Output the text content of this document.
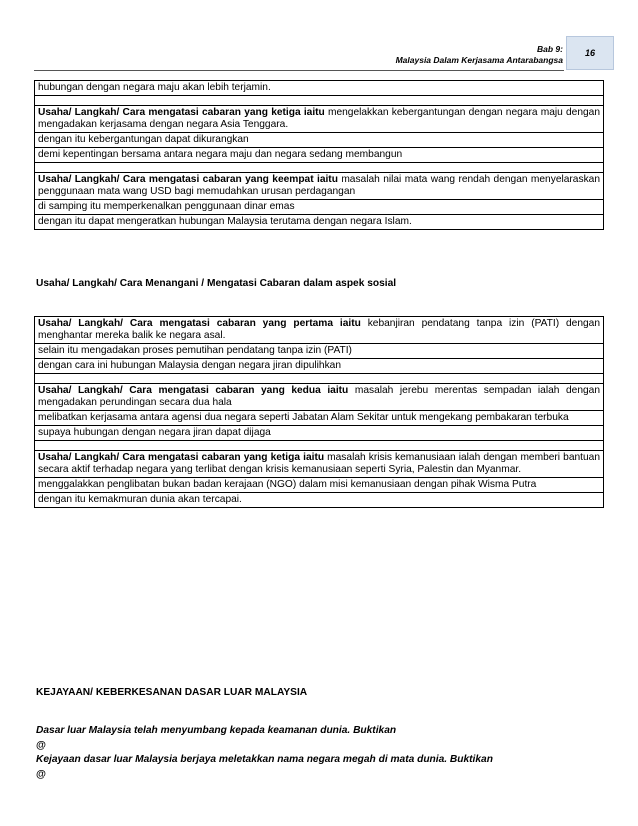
Bab 9:
Malaysia Dalam Kerjasama Antarabangsa
16
hubungan dengan negara maju akan lebih terjamin.

Usaha/ Langkah/ Cara mengatasi cabaran yang ketiga iaitu mengelakkan kebergantungan dengan negara maju dengan mengadakan kerjasama dengan negara Asia Tenggara.
dengan itu kebergantungan dapat dikurangkan
demi kepentingan bersama antara negara maju dan negara sedang membangun

Usaha/ Langkah/ Cara mengatasi cabaran yang keempat iaitu masalah nilai mata wang rendah dengan menyelaraskan penggunaan mata wang USD bagi memudahkan urusan perdagangan
di samping itu memperkenalkan penggunaan dinar emas
dengan itu dapat mengeratkan hubungan Malaysia terutama dengan negara Islam.
Usaha/ Langkah/ Cara Menangani / Mengatasi Cabaran dalam aspek sosial
Usaha/ Langkah/ Cara mengatasi cabaran yang pertama iaitu kebanjiran pendatang tanpa izin (PATI) dengan menghantar mereka balik ke negara asal.
selain itu mengadakan proses pemutihan pendatang tanpa izin (PATI)
dengan cara ini hubungan Malaysia dengan negara jiran dipulihkan

Usaha/ Langkah/ Cara mengatasi cabaran yang kedua iaitu masalah jerebu merentas sempadan ialah dengan mengadakan perundingan secara dua hala
melibatkan kerjasama antara agensi dua negara seperti Jabatan Alam Sekitar untuk mengekang pembakaran terbuka
supaya hubungan dengan negara jiran dapat dijaga

Usaha/ Langkah/ Cara mengatasi cabaran yang ketiga iaitu masalah krisis kemanusiaan ialah dengan memberi bantuan secara aktif terhadap negara yang terlibat dengan krisis kemanusiaan seperti Syria, Palestin dan Myanmar.
menggalakkan penglibatan bukan badan kerajaan (NGO) dalam misi kemanusiaan dengan pihak Wisma Putra
dengan itu kemakmuran dunia akan tercapai.
KEJAYAAN/ KEBERKESANAN DASAR LUAR MALAYSIA
Dasar luar Malaysia telah menyumbang kepada keamanan dunia. Buktikan
@
Kejayaan dasar luar Malaysia berjaya meletakkan nama negara megah di mata dunia. Buktikan
@
